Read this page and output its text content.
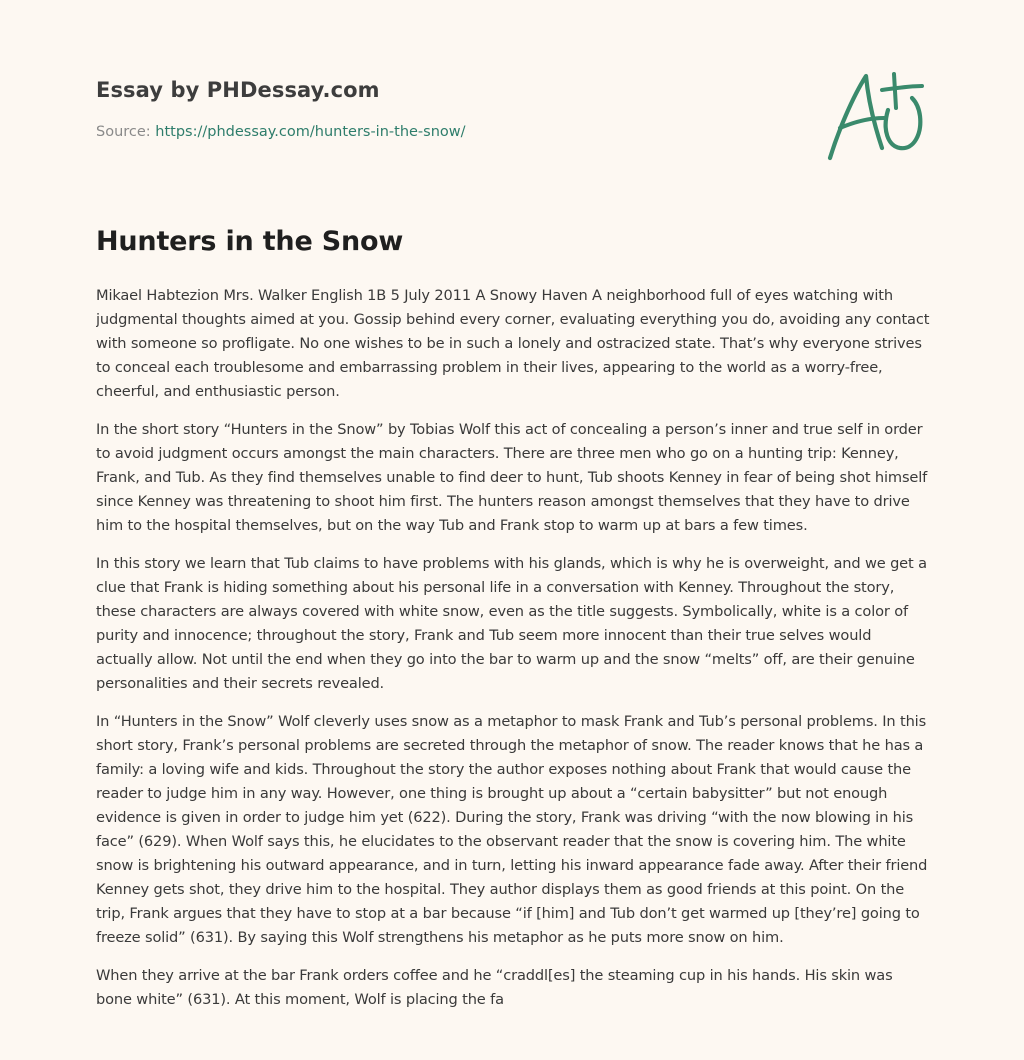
Essay by PHDessay.com
Source: https://phdessay.com/hunters-in-the-snow/
Hunters in the Snow

Mikael Habtezion Mrs. Walker English 1B 5 July 2011 A Snowy Haven A neighborhood full of eyes watching with judgmental thoughts aimed at you. Gossip behind every corner, evaluating everything you do, avoiding any contact with someone so profligate. No one wishes to be in such a lonely and ostracized state. That’s why everyone strives to conceal each troublesome and embarrassing problem in their lives, appearing to the world as a worry-free, cheerful, and enthusiastic person.

In the short story “Hunters in the Snow” by Tobias Wolf this act of concealing a person’s inner and true self in order to avoid judgment occurs amongst the main characters. There are three men who go on a hunting trip: Kenney, Frank, and Tub. As they find themselves unable to find deer to hunt, Tub shoots Kenney in fear of being shot himself since Kenney was threatening to shoot him first. The hunters reason amongst themselves that they have to drive him to the hospital themselves, but on the way Tub and Frank stop to warm up at bars a few times.

In this story we learn that Tub claims to have problems with his glands, which is why he is overweight, and we get a clue that Frank is hiding something about his personal life in a conversation with Kenney. Throughout the story, these characters are always covered with white snow, even as the title suggests. Symbolically, white is a color of purity and innocence; throughout the story, Frank and Tub seem more innocent than their true selves would actually allow. Not until the end when they go into the bar to warm up and the snow “melts” off, are their genuine personalities and their secrets revealed.

In “Hunters in the Snow” Wolf cleverly uses snow as a metaphor to mask Frank and Tub’s personal problems. In this short story, Frank’s personal problems are secreted through the metaphor of snow. The reader knows that he has a family: a loving wife and kids. Throughout the story the author exposes nothing about Frank that would cause the reader to judge him in any way. However, one thing is brought up about a “certain babysitter” but not enough evidence is given in order to judge him yet (622). During the story, Frank was driving “with the now blowing in his face” (629). When Wolf says this, he elucidates to the observant reader that the snow is covering him. The white snow is brightening his outward appearance, and in turn, letting his inward appearance fade away. After their friend Kenney gets shot, they drive him to the hospital. They author displays them as good friends at this point. On the trip, Frank argues that they have to stop at a bar because “if [him] and Tub don’t get warmed up [they’re] going to freeze solid” (631). By saying this Wolf strengthens his metaphor as he puts more snow on him.

When they arrive at the bar Frank orders coffee and he “craddl[es] the steaming cup in his hands. His skin was bone white” (631). At this moment, Wolf is placing the fa
